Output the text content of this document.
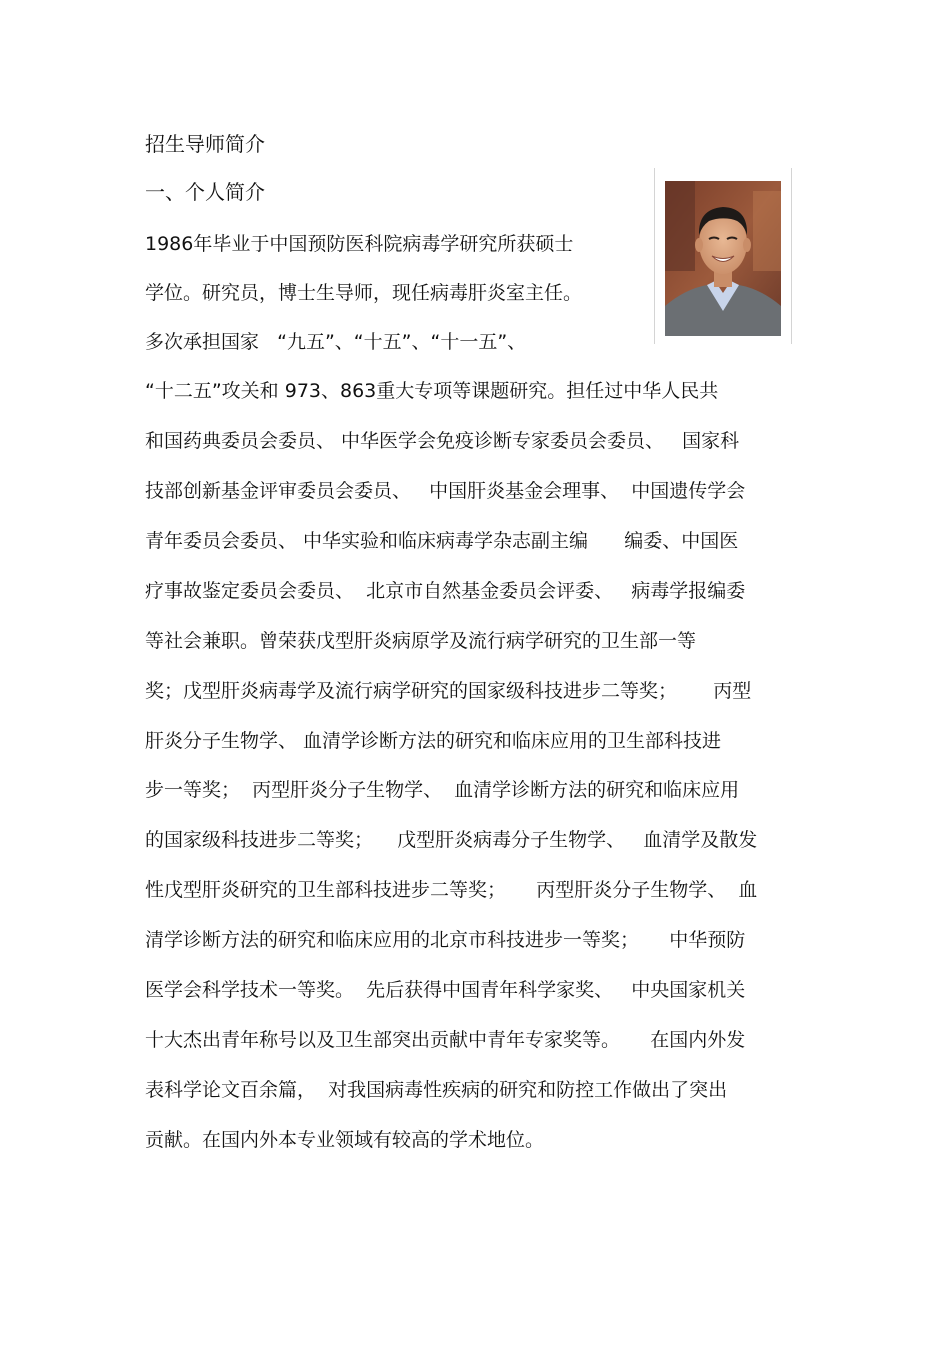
招生导师简介
一、个人简介
1986年毕业于中国预防医科院病毒学研究所获硕士
学位。研究员，博士生导师，现任病毒肝炎室主任。
多次承担国家   “九五”、“十五”、“十一五”、
“十二五”攻关和 973、863重大专项等课题研究。担任过中华人民共
和国药典委员会委员、 中华医学会免疫诊断专家委员会委员、   国家科
技部创新基金评审委员会委员、   中国肝炎基金会理事、  中国遗传学会
青年委员会委员、 中华实验和临床病毒学杂志副主编      编委、中国医
疗事故鉴定委员会委员、  北京市自然基金委员会评委、   病毒学报编委
等社会兼职。曾荣获戊型肝炎病原学及流行病学研究的卫生部一等
奖；戊型肝炎病毒学及流行病学研究的国家级科技进步二等奖；      丙型
肝炎分子生物学、 血清学诊断方法的研究和临床应用的卫生部科技进
步一等奖；  丙型肝炎分子生物学、  血清学诊断方法的研究和临床应用
的国家级科技进步二等奖；    戊型肝炎病毒分子生物学、   血清学及散发
性戊型肝炎研究的卫生部科技进步二等奖；     丙型肝炎分子生物学、  血
清学诊断方法的研究和临床应用的北京市科技进步一等奖；     中华预防
医学会科学技术一等奖。  先后获得中国青年科学家奖、   中央国家机关
十大杰出青年称号以及卫生部突出贡献中青年专家奖等。     在国内外发
表科学论文百余篇，  对我国病毒性疾病的研究和防控工作做出了突出
贡献。在国内外本专业领域有较高的学术地位。
